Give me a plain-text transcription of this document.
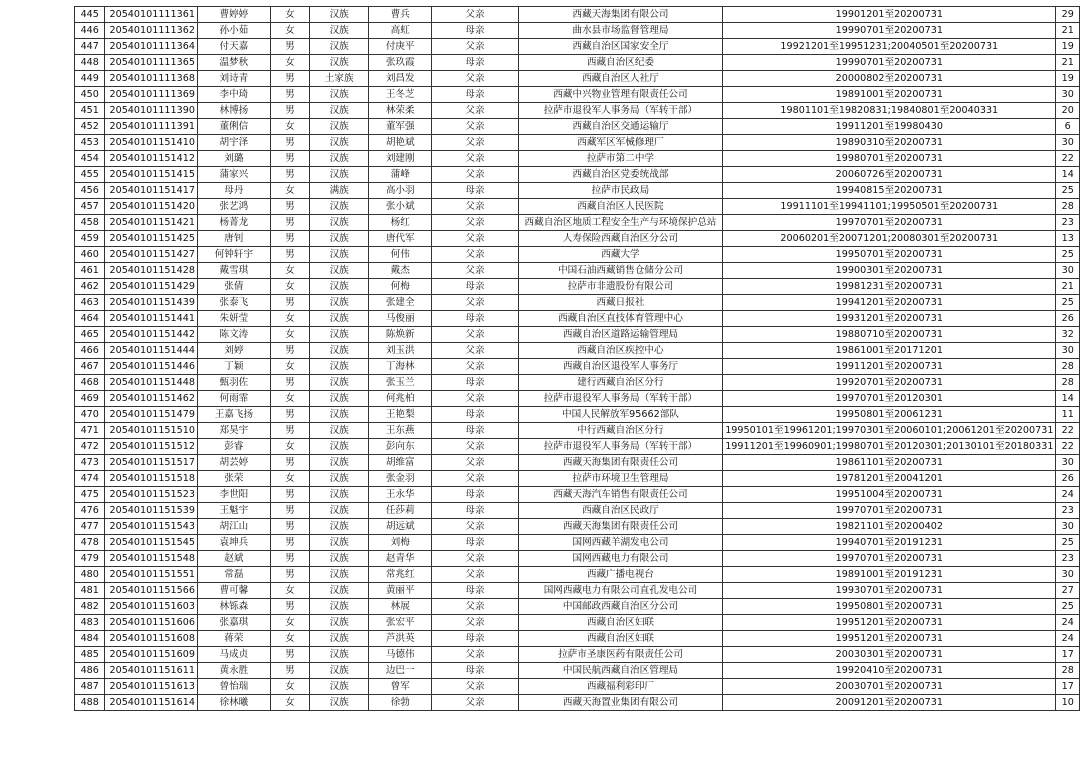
445	20540101111361	曹婷婷	女	汉族	曹兵	父亲	西藏天海集团有限公司	19901201至20200731	29
446	20540101111362	孙小茹	女	汉族	高虹	母亲	曲水县市场监督管理局	19990701至20200731	21
447	20540101111364	付天嘉	男	汉族	付庚平	父亲	西藏自治区国家安全厅	19921201至19951231;20040501至20200731	19
448	20540101111365	温梦秋	女	汉族	张玖霞	母亲	西藏自治区纪委	19990701至20200731	21
449	20540101111368	刘诗青	男	土家族	刘昌发	父亲	西藏自治区人社厅	20000802至20200731	19
450	20540101111369	李中琦	男	汉族	王冬芝	母亲	西藏中兴物业管理有限责任公司	19891001至20200731	30
451	20540101111390	林博扬	男	汉族	林荣柔	父亲	拉萨市退役军人事务局（军转干部）	19801101至19820831;19840801至20040331	20
452	20540101111391	董俐信	女	汉族	董军强	父亲	西藏自治区交通运输厅	19911201至19980430	6
453	20540101151410	胡宇泽	男	汉族	胡艳斌	父亲	西藏军区军械修理厂	19890310至20200731	30
454	20540101151412	刘璐	男	汉族	刘建刚	父亲	拉萨市第二中学	19980701至20200731	22
455	20540101151415	蒲家兴	男	汉族	蒲峰	父亲	西藏自治区党委统战部	20060726至20200731	14
456	20540101151417	母丹	女	满族	高小羽	母亲	拉萨市民政局	19940815至20200731	25
457	20540101151420	张艺鸿	男	汉族	张小斌	父亲	西藏自治区人民医院	19911101至19941101;19950501至20200731	28
458	20540101151421	杨菁龙	男	汉族	杨红	父亲	西藏自治区地质工程安全生产与环境保护总站	19970701至20200731	23
459	20540101151425	唐钊	男	汉族	唐代军	父亲	人寿保险西藏自治区分公司	20060201至20071201;20080301至20200731	13
460	20540101151427	何钟轩宇	男	汉族	何伟	父亲	西藏大学	19950701至20200731	25
461	20540101151428	戴雪琪	女	汉族	戴杰	父亲	中国石油西藏销售仓储分公司	19900301至20200731	30
462	20540101151429	张倩	女	汉族	何梅	母亲	拉萨市非遗股份有限公司	19981231至20200731	21
463	20540101151439	张泰飞	男	汉族	张建全	父亲	西藏日报社	19941201至20200731	25
464	20540101151441	朱妍莹	女	汉族	马俊丽	母亲	西藏自治区直技体育管理中心	19931201至20200731	26
465	20540101151442	陈文涛	女	汉族	陈焕新	父亲	西藏自治区道路运输管理局	19880710至20200731	32
466	20540101151444	刘婷	男	汉族	刘玉洪	父亲	西藏自治区疾控中心	19861001至20171201	30
467	20540101151446	丁颖	女	汉族	丁海林	父亲	西藏自治区退役军人事务厅	19911201至20200731	28
468	20540101151448	甄羽佐	男	汉族	张玉兰	母亲	建行西藏自治区分行	19920701至20200731	28
469	20540101151462	何雨霏	女	汉族	何兆柏	父亲	拉萨市退役军人事务局（军转干部）	19970701至20120301	14
470	20540101151479	王嘉飞扬	男	汉族	王艳梨	母亲	中国人民解放军95662部队	19950801至20061231	11
471	20540101151510	郑昊宇	男	汉族	王东燕	母亲	中行西藏自治区分行	19950101至19961201;19970301至20060101;20061201至20200731	22
472	20540101151512	彭睿	女	汉族	彭向东	父亲	拉萨市退役军人事务局（军转干部）	19911201至19960901;19980701至20120301;20130101至20180331	22
473	20540101151517	胡芸婷	男	汉族	胡维富	父亲	西藏天海集团有限责任公司	19861101至20200731	30
474	20540101151518	张荣	女	汉族	张金羽	父亲	拉萨市环境卫生管理局	19781201至20041201	26
475	20540101151523	李世阳	男	汉族	王永华	母亲	西藏天海汽车销售有限责任公司	19951004至20200731	24
476	20540101151539	王魁宇	男	汉族	任莎莉	母亲	西藏自治区民政厅	19970701至20200731	23
477	20540101151543	胡江山	男	汉族	胡远斌	父亲	西藏天海集团有限责任公司	19821101至20200402	30
478	20540101151545	袁坤兵	男	汉族	刘梅	母亲	国网西藏羊湖发电公司	19940701至20191231	25
479	20540101151548	赵斌	男	汉族	赵青华	父亲	国网西藏电力有限公司	19970701至20200731	23
480	20540101151551	常磊	男	汉族	常兆红	父亲	西藏广播电视台	19891001至20191231	30
481	20540101151566	曹可馨	女	汉族	黄丽平	母亲	国网西藏电力有限公司直孔发电公司	19930701至20200731	27
482	20540101151603	林铄森	男	汉族	林展	父亲	中国邮政西藏自治区分公司	19950801至20200731	25
483	20540101151606	张嘉琪	女	汉族	张宏平	父亲	西藏自治区妇联	19951201至20200731	24
484	20540101151608	蒋荣	女	汉族	芦洪英	母亲	西藏自治区妇联	19951201至20200731	24
485	20540101151609	马成贞	男	汉族	马德伟	父亲	拉萨市圣康医药有限责任公司	20030301至20200731	17
486	20540101151611	黄永胜	男	汉族	边巴一	母亲	中国民航西藏自治区管理局	19920410至20200731	28
487	20540101151613	曾怡瑞	女	汉族	曾军	父亲	西藏福利彩印厂	20030701至20200731	17
488	20540101151614	徐林曦	女	汉族	徐勃	父亲	西藏天海置业集团有限公司	20091201至20200731	10
